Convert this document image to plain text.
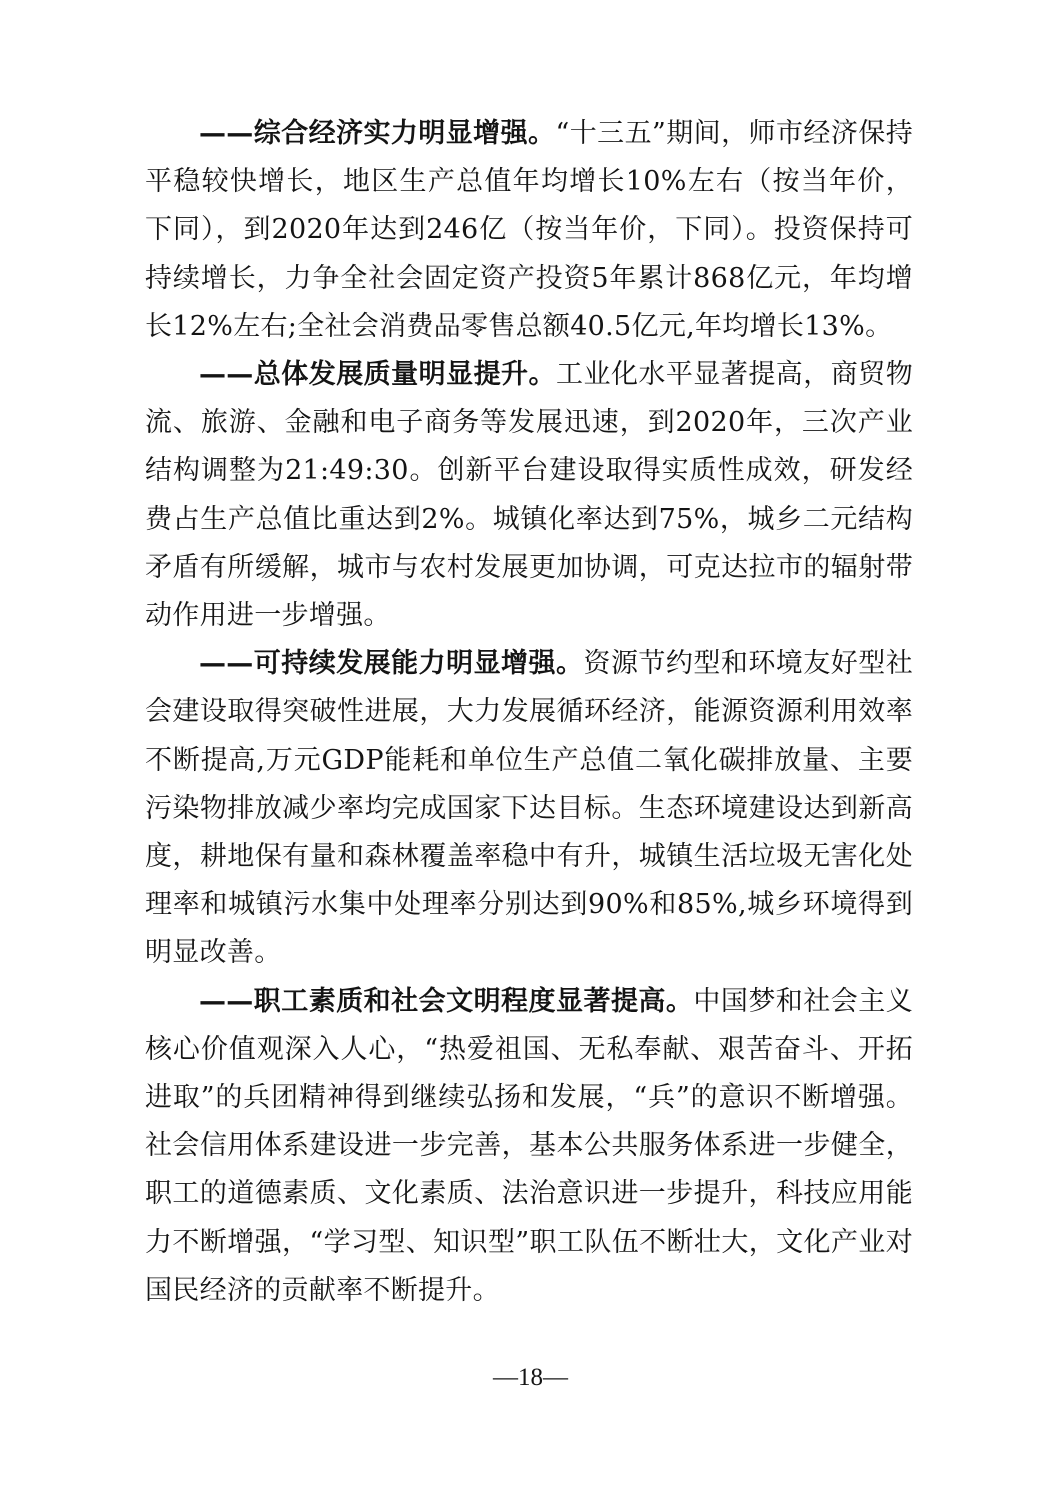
——综合经济实力明显增强。“十三五”期间，师市经济保持平稳较快增长，地区生产总值年均增长10%左右（按当年价，下同），到2020年达到246亿（按当年价，下同）。投资保持可持续增长，力争全社会固定资产投资5年累计868亿元，年均增长12%左右;全社会消费品零售总额40.5亿元,年均增长13%。

——总体发展质量明显提升。工业化水平显著提高，商贸物流、旅游、金融和电子商务等发展迅速，到2020年，三次产业结构调整为21:49:30。创新平台建设取得实质性成效，研发经费占生产总值比重达到2%。城镇化率达到75%，城乡二元结构矛盾有所缓解，城市与农村发展更加协调，可克达拉市的辐射带动作用进一步增强。

——可持续发展能力明显增强。资源节约型和环境友好型社会建设取得突破性进展，大力发展循环经济，能源资源利用效率不断提高,万元GDP能耗和单位生产总值二氧化碳排放量、主要污染物排放减少率均完成国家下达目标。生态环境建设达到新高度，耕地保有量和森林覆盖率稳中有升，城镇生活垃圾无害化处理率和城镇污水集中处理率分别达到90%和85%,城乡环境得到明显改善。

——职工素质和社会文明程度显著提高。中国梦和社会主义核心价值观深入人心，“热爱祖国、无私奉献、艰苦奋斗、开拓进取”的兵团精神得到继续弘扬和发展，“兵”的意识不断增强。社会信用体系建设进一步完善，基本公共服务体系进一步健全，职工的道德素质、文化素质、法治意识进一步提升，科技应用能力不断增强，“学习型、知识型”职工队伍不断壮大，文化产业对国民经济的贡献率不断提升。

—18—
